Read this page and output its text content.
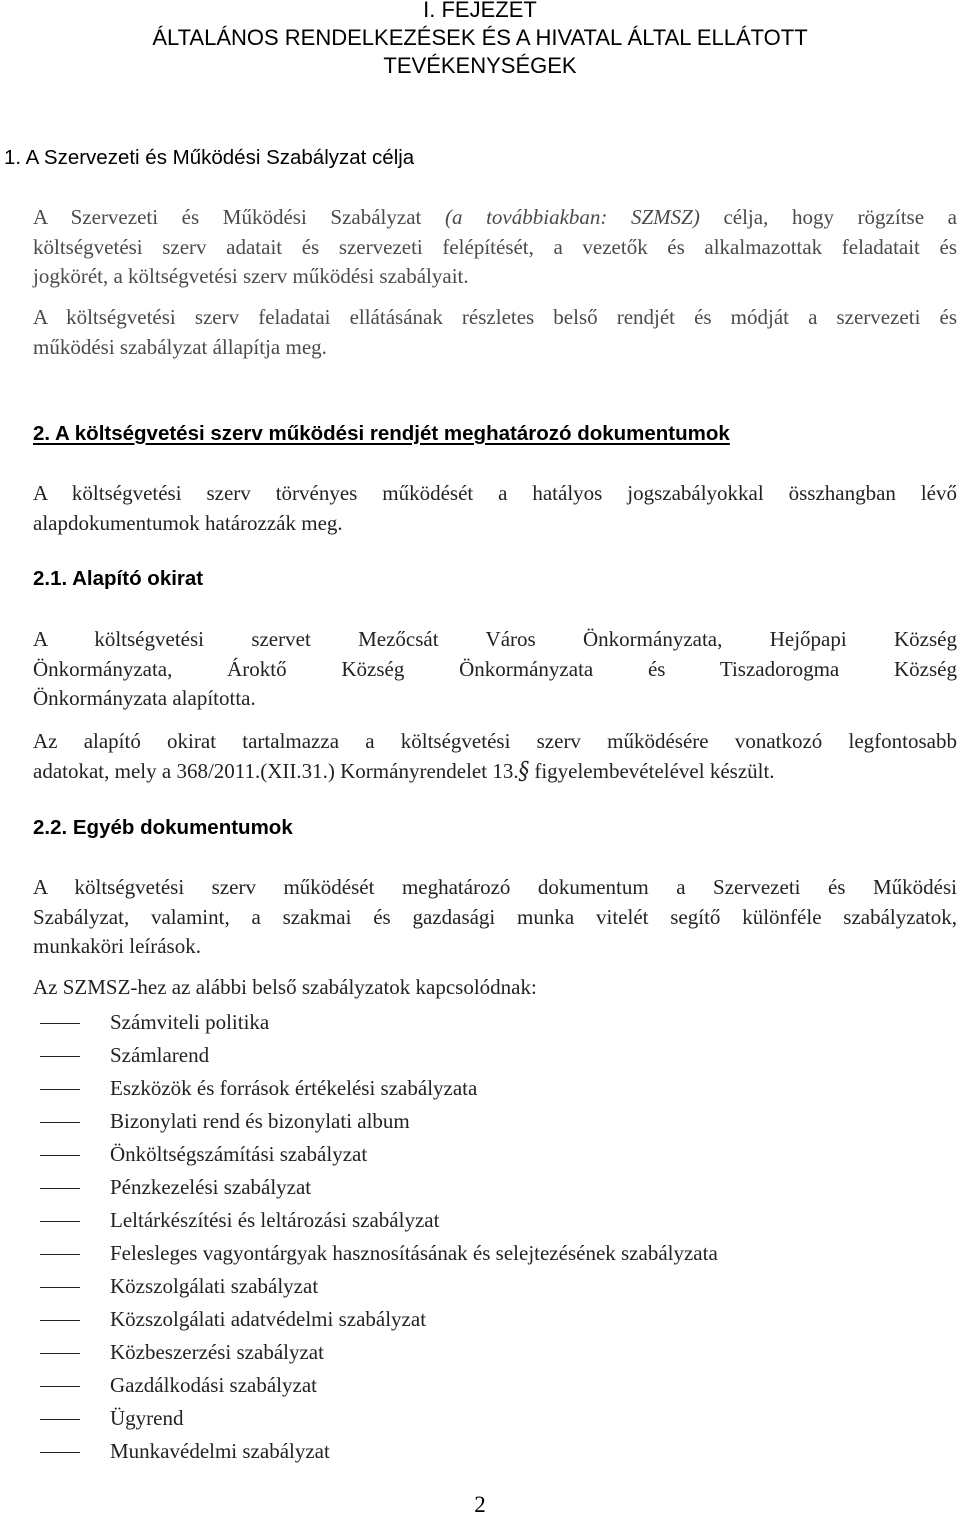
I. FEJEZET
ÁLTALÁNOS RENDELKEZÉSEK ÉS A HIVATAL ÁLTAL ELLÁTOTT
TEVÉKENYSÉGEK
1. A Szervezeti és Működési Szabályzat célja
A Szervezeti és Működési Szabályzat (a továbbiakban: SZMSZ) célja, hogy rögzítse a
költségvetési szerv adatait és szervezeti felépítését, a vezetők és alkalmazottak feladatait és
jogkörét, a költségvetési szerv működési szabályait.
A költségvetési szerv feladatai ellátásának részletes belső rendjét és módját a szervezeti és
működési szabályzat állapítja meg.
2. A költségvetési szerv működési rendjét meghatározó dokumentumok
A költségvetési szerv törvényes működését a hatályos jogszabályokkal összhangban lévő
alapdokumentumok határozzák meg.
2.1. Alapító okirat
A költségvetési szervet Mezőcsát Város Önkormányzata, Hejőpapi Község
Önkormányzata, Ároktő Község Önkormányzata és Tiszadorogma Község
Önkormányzata alapította.
Az alapító okirat tartalmazza a költségvetési szerv működésére vonatkozó legfontosabb
adatokat, mely a 368/2011.(XII.31.) Kormányrendelet 13.§ figyelembevételével készült.
2.2. Egyéb dokumentumok
A költségvetési szerv működését meghatározó dokumentum a Szervezeti és Működési
Szabályzat, valamint, a szakmai és gazdasági munka vitelét segítő különféle szabályzatok,
munkaköri leírások.
Az SZMSZ-hez az alábbi belső szabályzatok kapcsolódnak:
Számviteli politika
Számlarend
Eszközök és források értékelési szabályzata
Bizonylati rend és bizonylati album
Önköltségszámítási szabályzat
Pénzkezelési szabályzat
Leltárkészítési és leltározási szabályzat
Felesleges vagyontárgyak hasznosításának és selejtezésének szabályzata
Közszolgálati szabályzat
Közszolgálati adatvédelmi szabályzat
Közbeszerzési szabályzat
Gazdálkodási szabályzat
Ügyrend
Munkavédelmi szabályzat
2
